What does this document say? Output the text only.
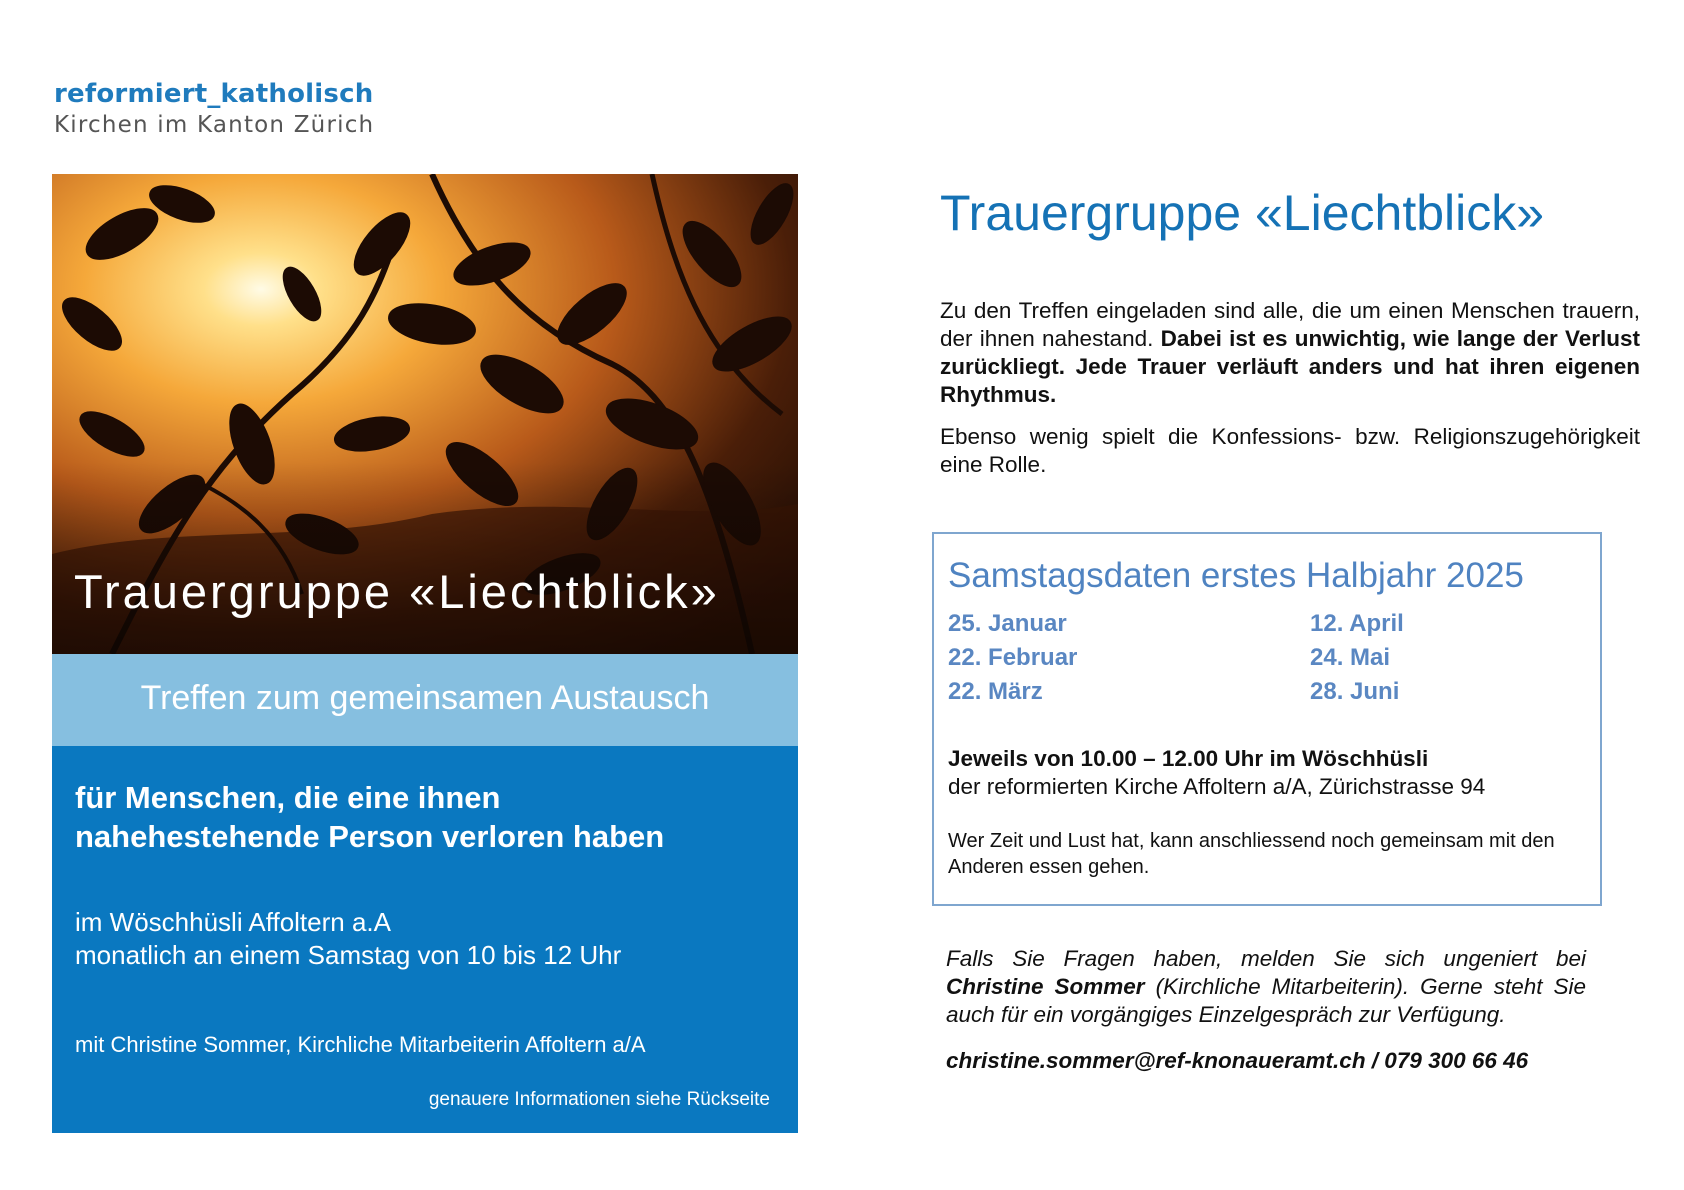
reformiert_katholisch
Kirchen im Kanton Zürich
Trauergruppe «Liechtblick»
Treffen zum gemeinsamen Austausch
für Menschen, die eine ihnen
nahehestehende Person verloren haben
im Wöschhüsli Affoltern a.A
monatlich an einem Samstag von 10 bis 12 Uhr
mit Christine Sommer, Kirchliche Mitarbeiterin Affoltern a/A
genauere Informationen siehe Rückseite
Trauergruppe «Liechtblick»

Zu den Treffen eingeladen sind alle, die um einen Menschen trauern, der ihnen nahestand. Dabei ist es unwichtig, wie lange der Verlust zurückliegt. Jede Trauer verläuft anders und hat ihren eigenen Rhythmus.

Ebenso wenig spielt die Konfessions- bzw. Religionszugehörigkeit eine Rolle.

Samstagsdaten erstes Halbjahr 2025
25. Januar
22. Februar
22. März
12. April
24. Mai
28. Juni
Jeweils von 10.00 – 12.00 Uhr im Wöschhüsli
der reformierten Kirche Affoltern a/A, Zürichstrasse 94
Wer Zeit und Lust hat, kann anschliessend noch gemeinsam mit den Anderen essen gehen.
Falls Sie Fragen haben, melden Sie sich ungeniert bei Christine Sommer (Kirchliche Mitarbeiterin). Gerne steht Sie auch für ein vorgängiges Einzelgespräch zur Verfügung.
christine.sommer@ref-knonaueramt.ch / 079 300 66 46
